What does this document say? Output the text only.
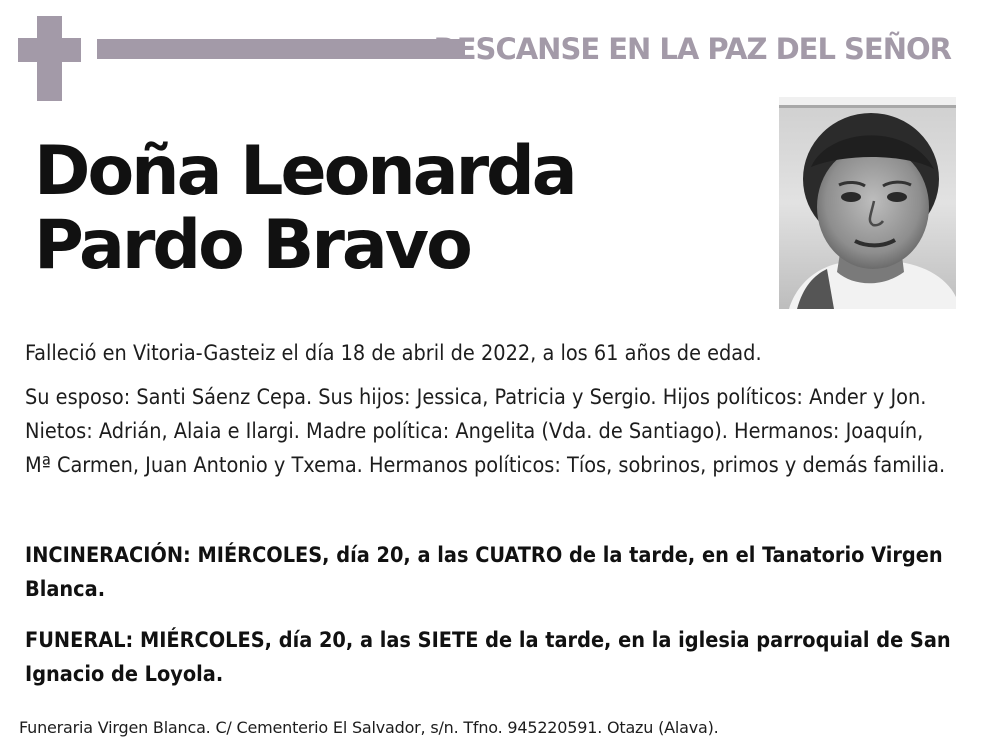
DESCANSE EN LA PAZ DEL SEÑOR
Doña Leonarda
Pardo Bravo

Falleció en Vitoria-Gasteiz el día 18 de abril de 2022, a los 61 años de edad.

Su esposo: Santi Sáenz Cepa. Sus hijos: Jessica, Patricia y Sergio. Hijos políticos: Ander y Jon. Nietos: Adrián, Alaia e Ilargi. Madre política: Angelita (Vda. de Santiago). Hermanos: Joaquín, Mª Carmen, Juan Antonio y Txema. Hermanos políticos: Tíos, sobrinos, primos y demás familia.

INCINERACIÓN: MIÉRCOLES, día 20, a las CUATRO de la tarde, en el Tanatorio Virgen Blanca.

FUNERAL: MIÉRCOLES, día 20, a las SIETE de la tarde, en la iglesia parroquial de San Ignacio de Loyola.

Funeraria Virgen Blanca. C/ Cementerio El Salvador, s/n. Tfno. 945220591. Otazu (Alava).
